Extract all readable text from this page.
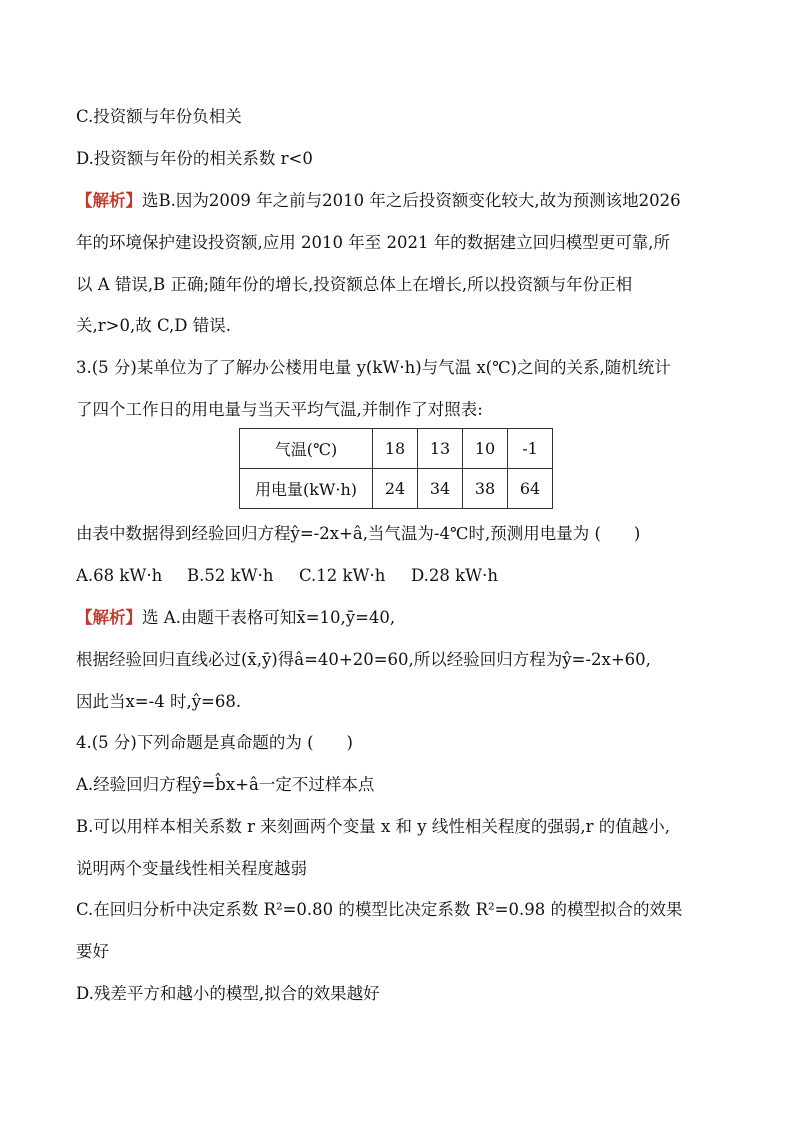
C.投资额与年份负相关
D.投资额与年份的相关系数 r<0
【解析】选B.因为2009 年之前与2010 年之后投资额变化较大,故为预测该地2026
年的环境保护建设投资额,应用 2010 年至 2021 年的数据建立回归模型更可靠,所
以 A 错误,B 正确;随年份的增长,投资额总体上在增长,所以投资额与年份正相
关,r>0,故 C,D 错误.
3.(5 分)某单位为了了解办公楼用电量 y(kW·h)与气温 x(℃)之间的关系,随机统计
了四个工作日的用电量与当天平均气温,并制作了对照表:
气温(℃)	18	13	10	-1
用电量(kW·h)	24	34	38	64
由表中数据得到经验回归方程ŷ=-2x+â,当气温为-4℃时,预测用电量为 (　　)
A.68 kW·h B.52 kW·h C.12 kW·h D.28 kW·h
【解析】选 A.由题干表格可知x̄=10,ȳ=40,
根据经验回归直线必过(x̄,ȳ)得â=40+20=60,所以经验回归方程为ŷ=-2x+60,
因此当x=-4 时,ŷ=68.
4.(5 分)下列命题是真命题的为 (　　)
A.经验回归方程ŷ=b̂x+â一定不过样本点
B.可以用样本相关系数 r 来刻画两个变量 x 和 y 线性相关程度的强弱,r 的值越小,
说明两个变量线性相关程度越弱
C.在回归分析中决定系数 R²=0.80 的模型比决定系数 R²=0.98 的模型拟合的效果
要好
D.残差平方和越小的模型,拟合的效果越好
